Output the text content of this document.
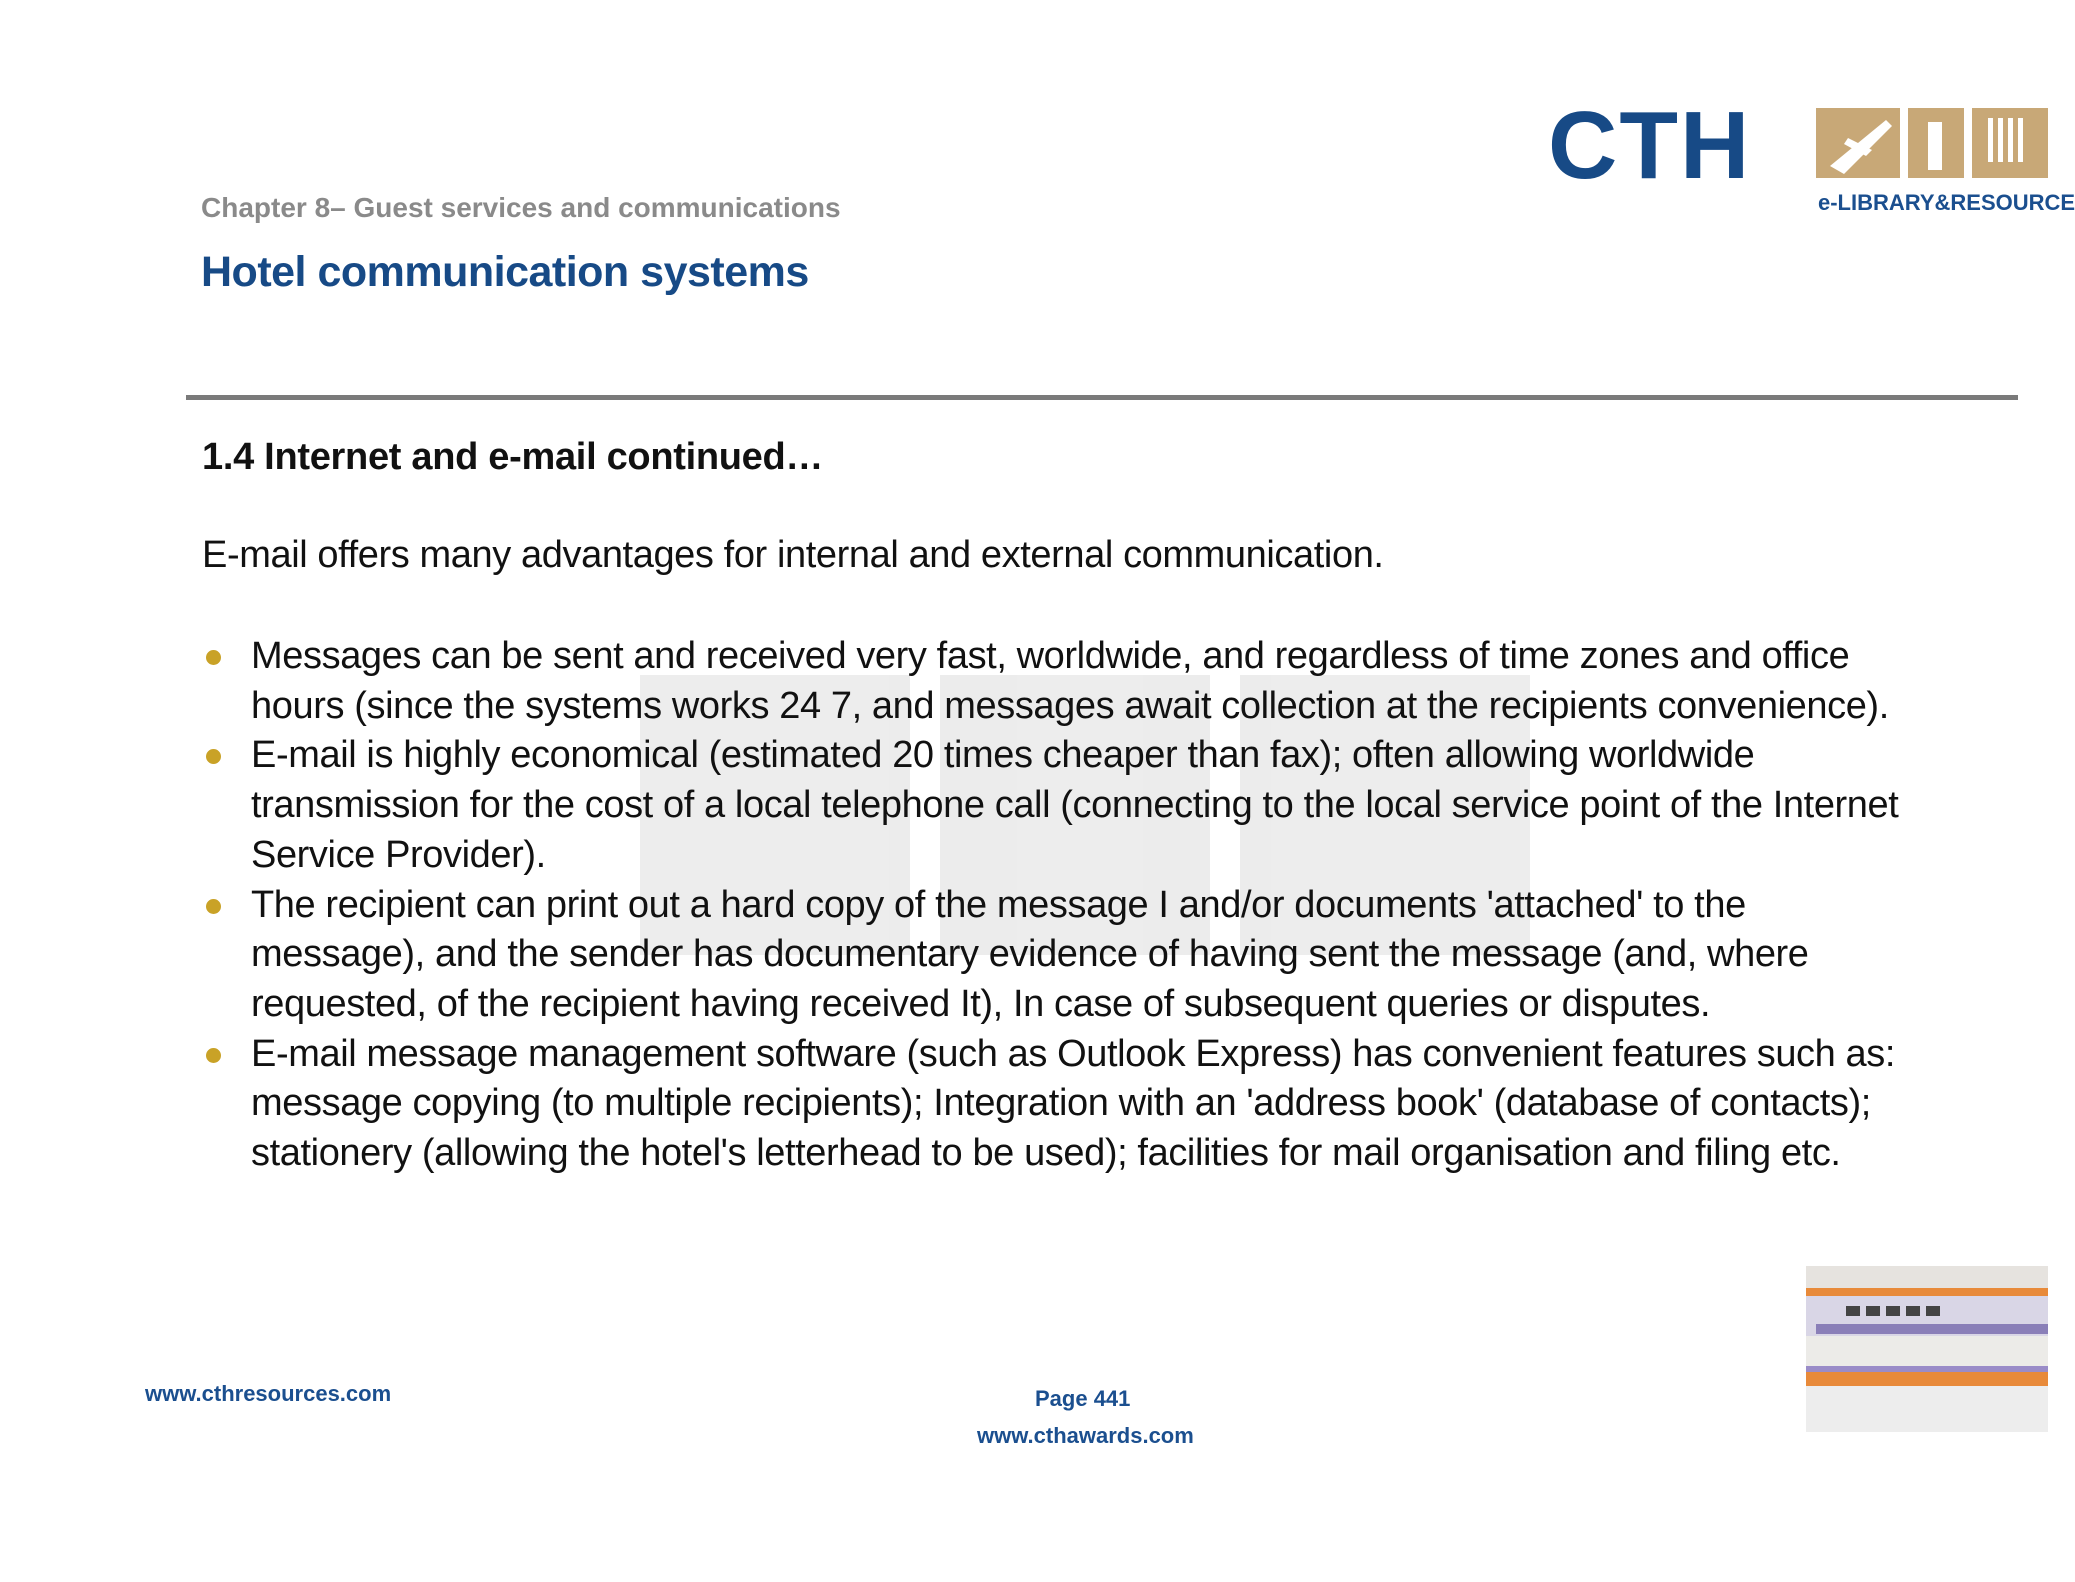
Chapter 8– Guest services and communications
Hotel communication systems
CTH
e-LIBRARY&RESOURCE
1.4 Internet and e-mail continued…
E-mail offers many advantages for internal and external communication.
Messages can be sent and received very fast, worldwide, and regardless of time zones and office
hours (since the systems works 24 7, and messages await collection at the recipients convenience).
E-mail is highly economical (estimated 20 times cheaper than fax); often allowing worldwide
transmission for the cost of a local telephone call (connecting to the local service point of the Internet
Service Provider).
The recipient can print out a hard copy of the message I and/or documents 'attached' to the
message), and the sender has documentary evidence of having sent the message (and, where
requested, of the recipient having received It), In case of subsequent queries or disputes.
E-mail message management software (such as Outlook Express) has convenient features such as:
message copying (to multiple recipients); Integration with an 'address book' (database of contacts);
stationery (allowing the hotel's letterhead to be used); facilities for mail organisation and filing etc.
www.cthresources.com	Page 441
www.cthawards.com
